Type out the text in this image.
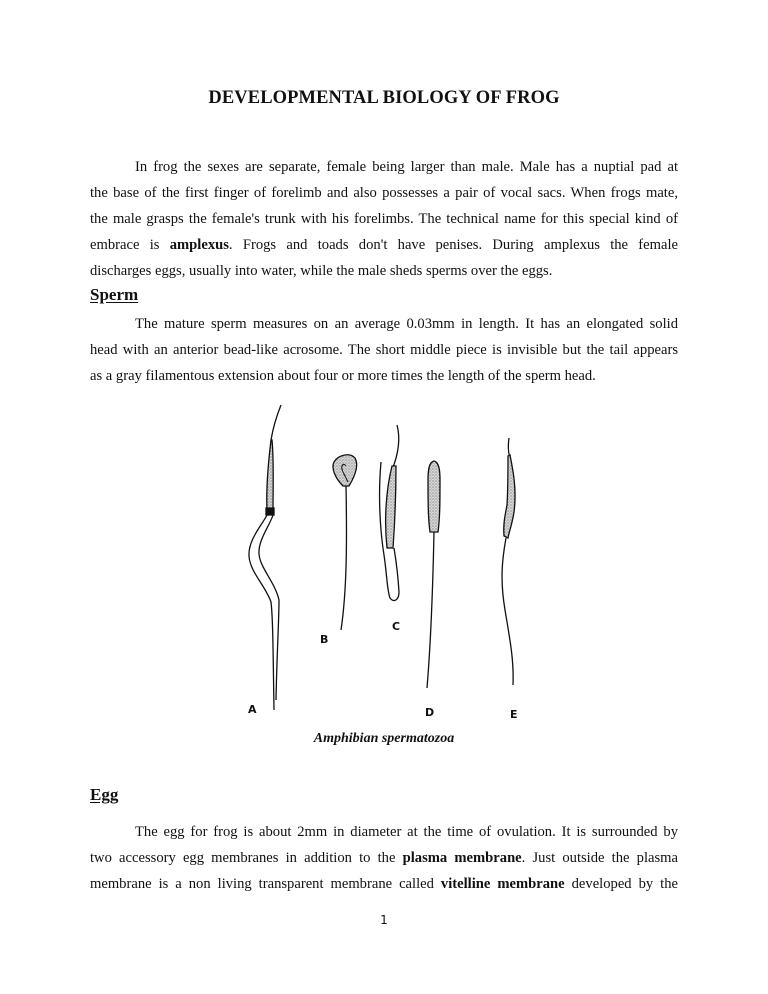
DEVELOPMENTAL BIOLOGY OF FROG
In frog the sexes are separate, female being larger than male. Male has a nuptial pad at
the base of the first finger of forelimb and also possesses a pair of vocal sacs. When frogs mate,
the male grasps the female's trunk with his forelimbs. The technical name for this special kind of
embrace is amplexus. Frogs and toads don't have penises. During amplexus the female
discharges eggs, usually into water, while the male sheds sperms over the eggs.
Sperm
The mature sperm measures on an average 0.03mm in length. It has an elongated solid
head with an anterior bead-like acrosome. The short middle piece is invisible but the tail appears
as a gray filamentous extension about four or more times the length of the sperm head.
A
B
C
D	E
Amphibian spermatozoa
Egg
The egg for frog is about 2mm in diameter at the time of ovulation. It is surrounded by
two accessory egg membranes in addition to the plasma membrane. Just outside the plasma
membrane is a non living transparent membrane called vitelline membrane developed by the
1
